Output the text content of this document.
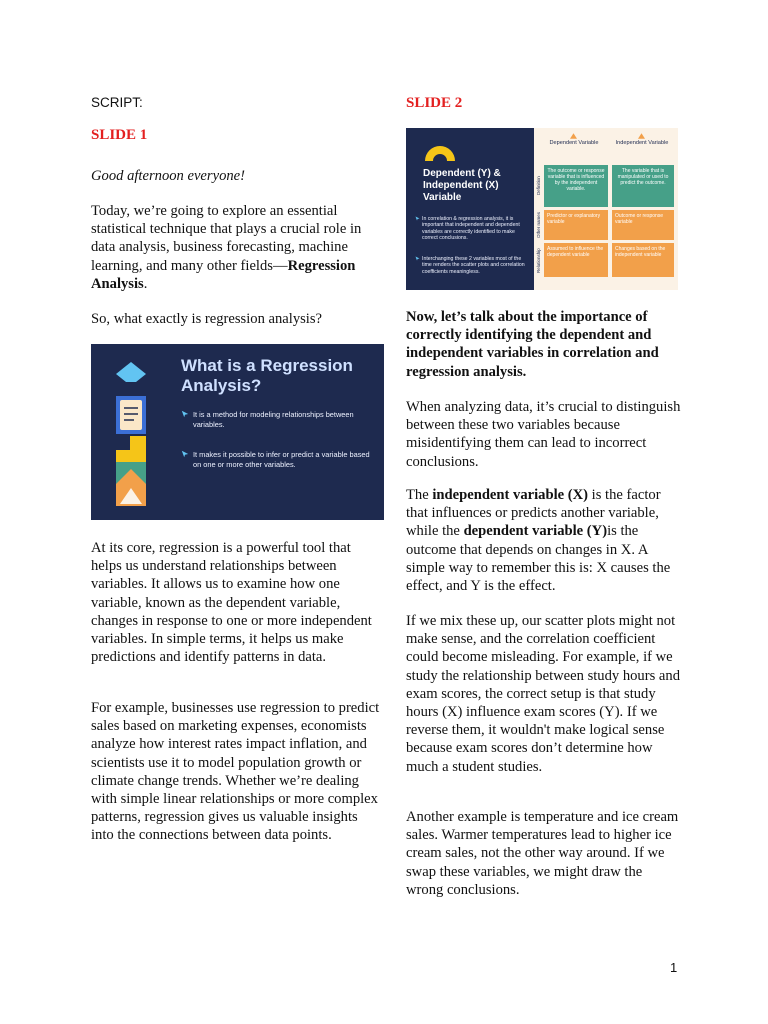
SCRIPT:
SLIDE 1

Good afternoon everyone!

Today, we’re going to explore an essential statistical technique that plays a crucial role in data analysis, business forecasting, machine learning, and many other fields—Regression Analysis.

So, what exactly is regression analysis?

What is a Regression Analysis?
It is a method for modeling relationships between variables.
It makes it possible to infer or predict a variable based on one or more other variables.

At its core, regression is a powerful tool that helps us understand relationships between variables. It allows us to examine how one variable, known as the dependent variable, changes in response to one or more independent variables. In simple terms, it helps us make predictions and identify patterns in data.

For example, businesses use regression to predict sales based on marketing expenses, economists analyze how interest rates impact inflation, and scientists use it to model population growth or climate change trends. Whether we’re dealing with simple linear relationships or more complex patterns, regression gives us valuable insights into the connections between data points.

SLIDE 2
Dependent (Y) & Independent (X) Variable
In correlation & regression analysis, it is important that independent and dependent variables are correctly identified to make correct conclusions.
Interchanging these 2 variables most of the time renders the scatter plots and correlation coefficients meaningless.
Dependent Variable	Independent Variable
Definition
Other names
Relationship
The outcome or response variable that is influenced by the independent variable.
The variable that is manipulated or used to predict the outcome.
Predictor or explanatory variable
Outcome or response variable
Assumed to influence the dependent variable
Changes based on the independent variable

Now, let’s talk about the importance of correctly identifying the dependent and independent variables in correlation and regression analysis.

When analyzing data, it’s crucial to distinguish between these two variables because misidentifying them can lead to incorrect conclusions.

The independent variable (X) is the factor that influences or predicts another variable, while the dependent variable (Y)is the outcome that depends on changes in X. A simple way to remember this is: X causes the effect, and Y is the effect.

If we mix these up, our scatter plots might not make sense, and the correlation coefficient could become misleading. For example, if we study the relationship between study hours and exam scores, the correct setup is that study hours (X) influence exam scores (Y). If we reverse them, it wouldn't make logical sense because exam scores don’t determine how much a student studies.

Another example is temperature and ice cream sales. Warmer temperatures lead to higher ice cream sales, not the other way around. If we swap these variables, we might draw the wrong conclusions.

1
